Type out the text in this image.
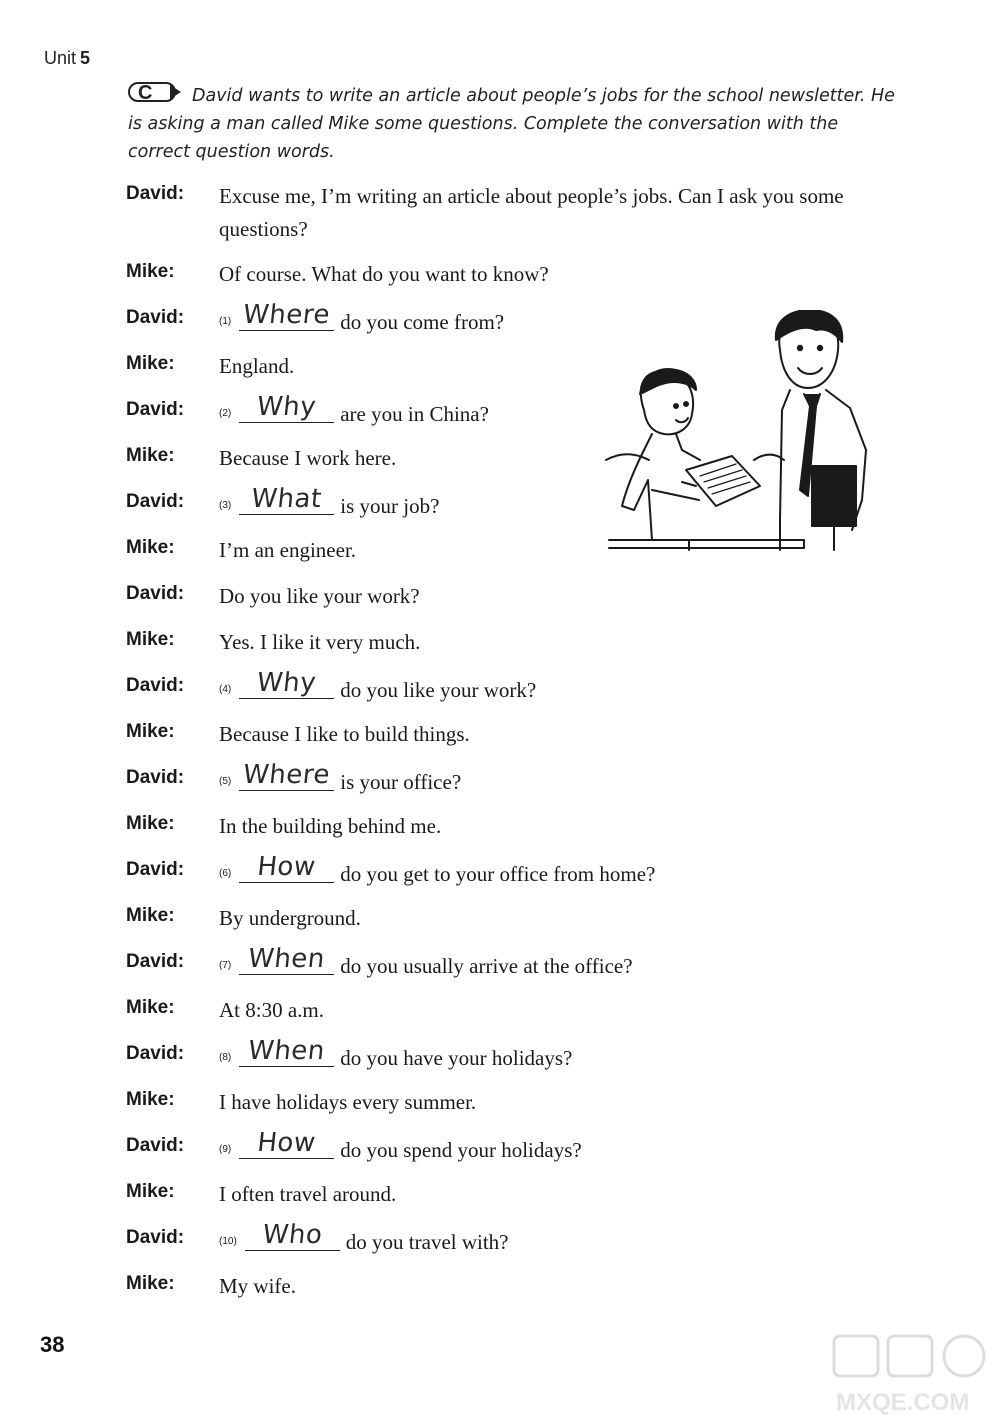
Unit 5
C David wants to write an article about people’s jobs for the school newsletter. He is asking a man called Mike some questions. Complete the conversation with the correct question words.
David: Excuse me, I’m writing an article about people’s jobs. Can I ask you some questions?
Mike: Of course. What do you want to know?
David:	$^{(1)}$ Where do you come from?
Mike: England.
David:	$^{(2)}$ Why	are you in China?
Mike: Because I work here.
David:	$^{(3)}$ What is your job?
Mike: I’m an engineer.
David: Do you like your work?
Mike: Yes. I like it very much.
David:	$^{(4)}$ Why	do you like your work?
Mike: Because I like to build things.
David:	$^{(5)}$ Where is your office?
Mike: In the building behind me.
David:	$^{(6)}$ How	do you get to your office from home?
Mike: By underground.
David:	$^{(7)}$ When do you usually arrive at the office?
Mike: At 8:30 a.m.
David:	$^{(8)}$ When do you have your holidays?
Mike: I have holidays every summer.
David:	$^{(9)}$ How	do you spend your holidays?
Mike: I often travel around.
David:	$^{(10)}$ Who	do you travel with?
Mike: My wife.
38
MXQE.COM
